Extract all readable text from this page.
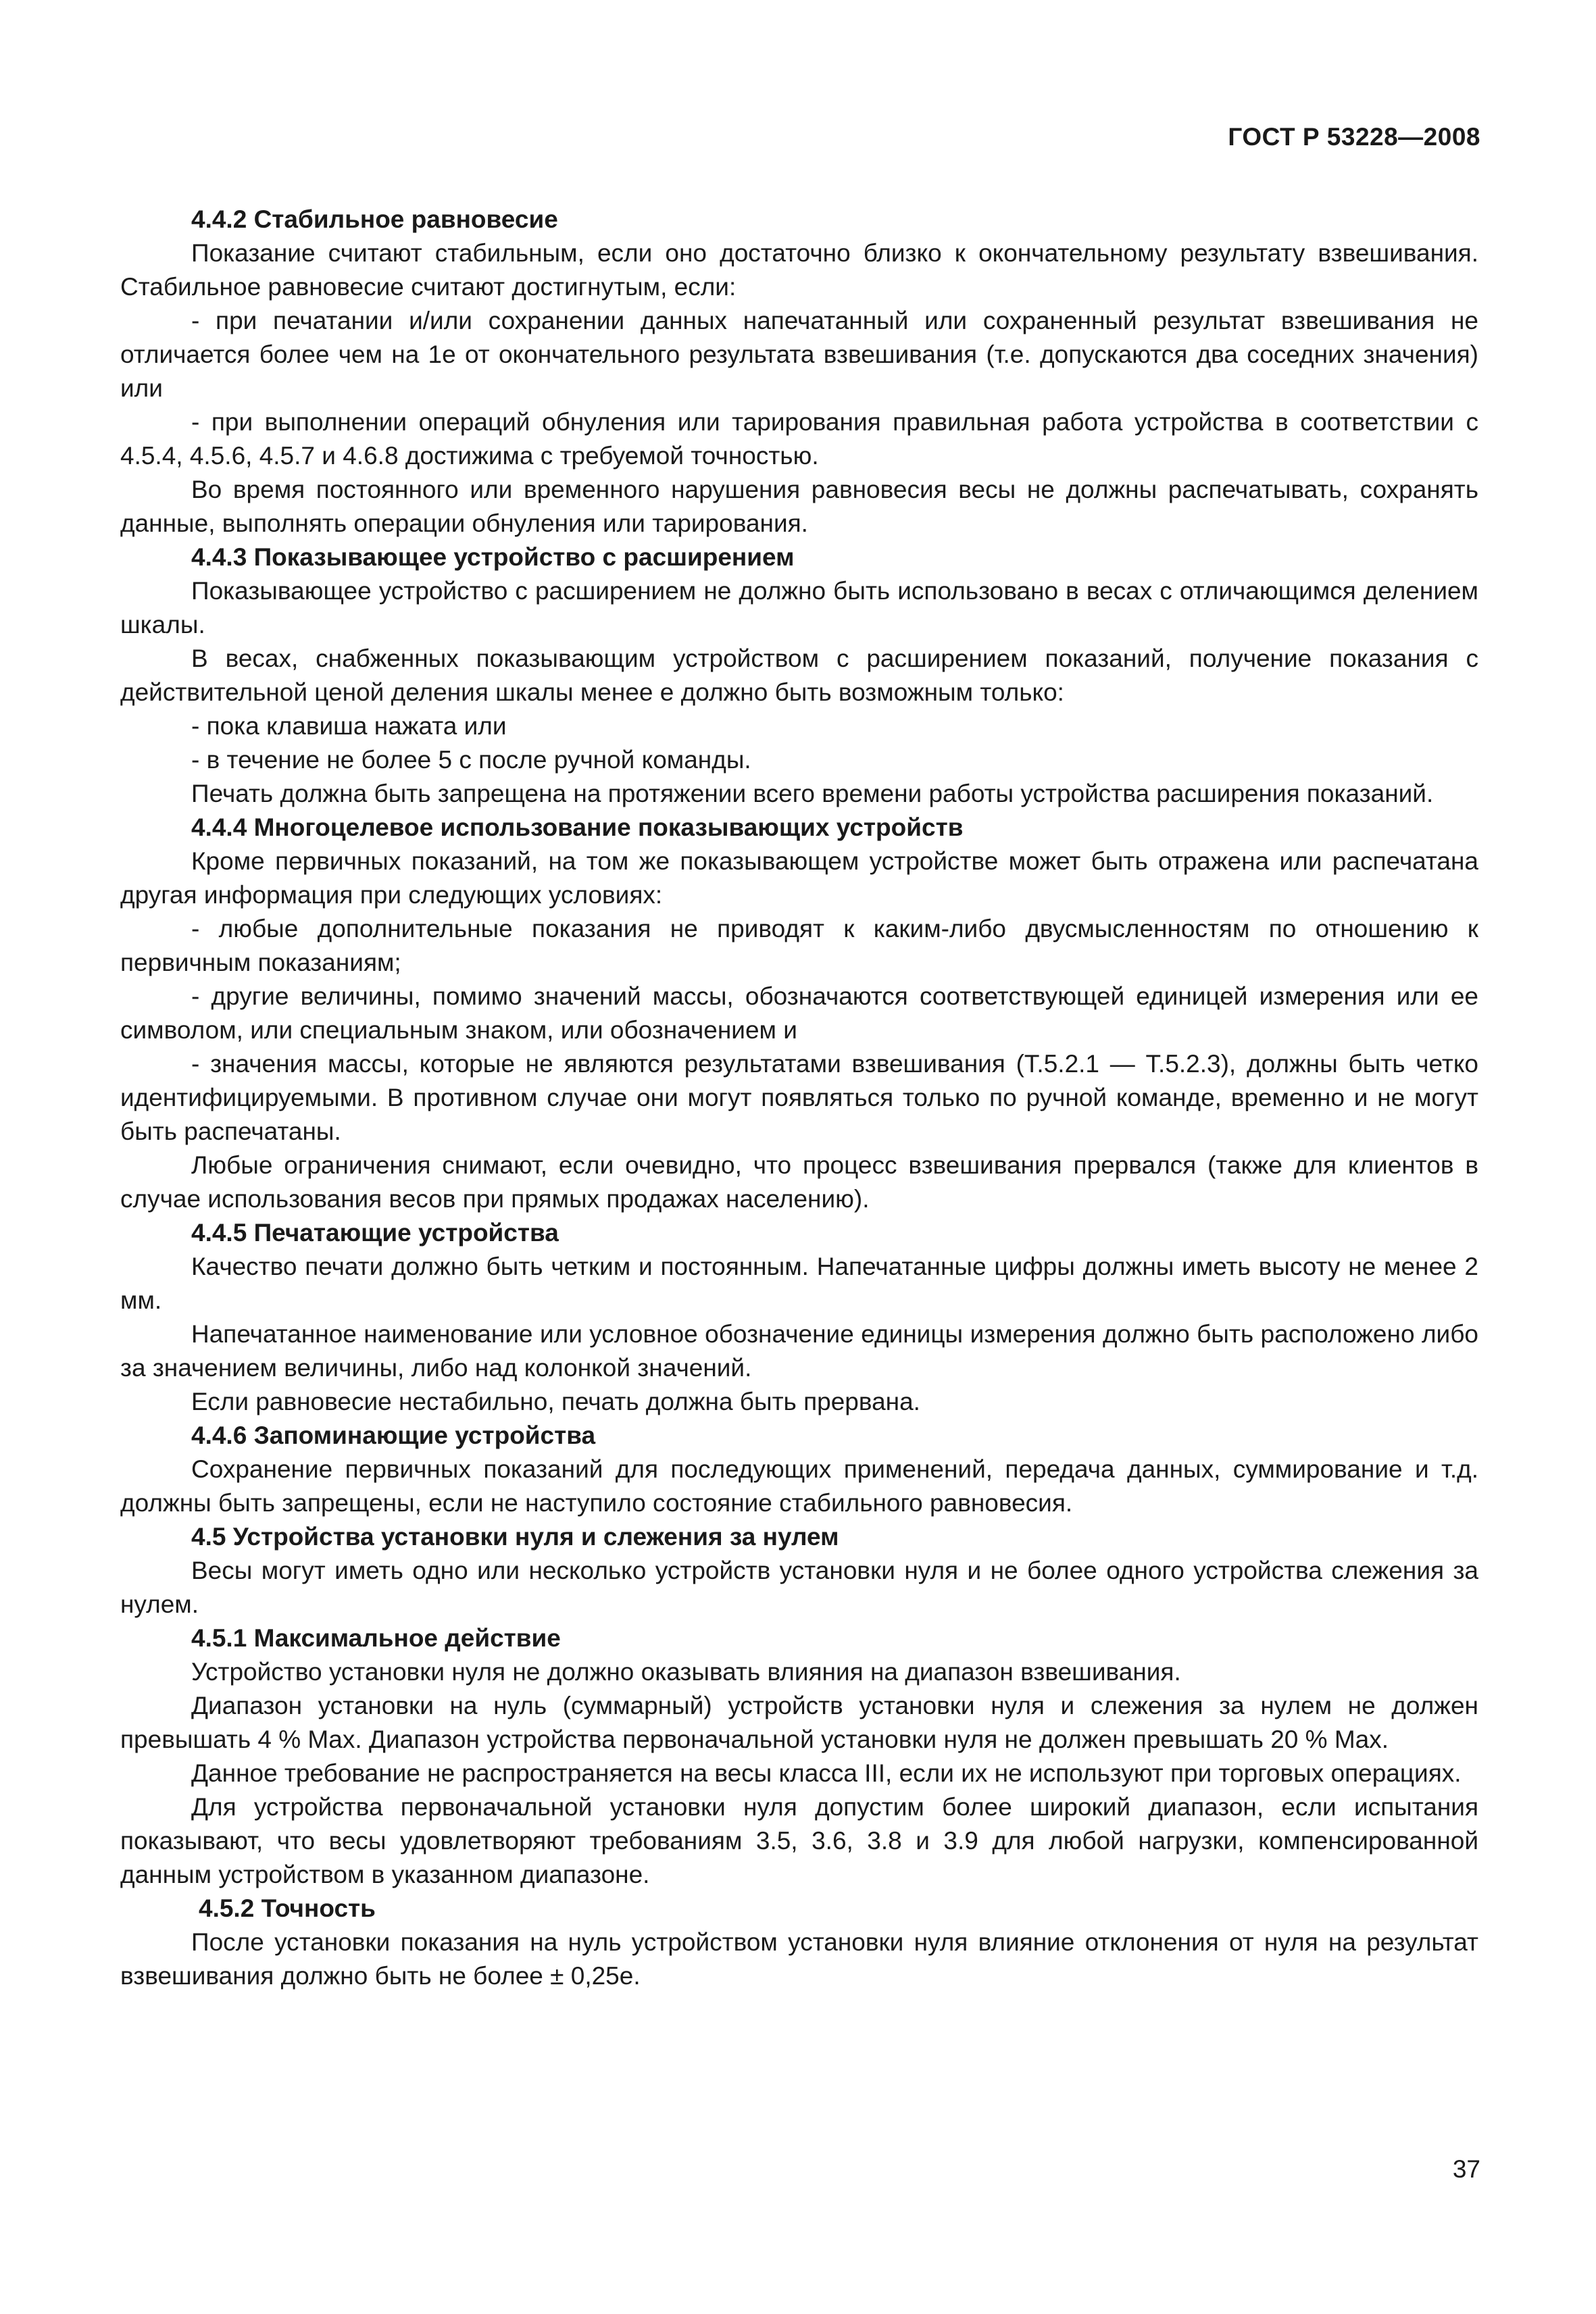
ГОСТ Р 53228—2008

4.4.2 Стабильное равновесие

Показание считают стабильным, если оно достаточно близко к окончательному результату взвешивания. Стабильное равновесие считают достигнутым, если:

- при печатании и/или сохранении данных напечатанный или сохраненный результат взвешивания не отличается более чем на 1e от окончательного результата взвешивания (т.е. допускаются два соседних значения) или

- при выполнении операций обнуления или тарирования правильная работа устройства в соответствии с 4.5.4, 4.5.6, 4.5.7 и 4.6.8 достижима с требуемой точностью.

Во время постоянного или временного нарушения равновесия весы не должны распечатывать, сохранять данные, выполнять операции обнуления или тарирования.

4.4.3 Показывающее устройство с расширением

Показывающее устройство с расширением не должно быть использовано в весах с отличающимся делением шкалы.

В весах, снабженных показывающим устройством с расширением показаний, получение показания с действительной ценой деления шкалы менее e должно быть возможным только:

- пока клавиша нажата или

- в течение не более 5 с после ручной команды.

Печать должна быть запрещена на протяжении всего времени работы устройства расширения показаний.

4.4.4 Многоцелевое использование показывающих устройств

Кроме первичных показаний, на том же показывающем устройстве может быть отражена или распечатана другая информация при следующих условиях:

- любые дополнительные показания не приводят к каким-либо двусмысленностям по отношению к первичным показаниям;

- другие величины, помимо значений массы, обозначаются соответствующей единицей измерения или ее символом, или специальным знаком, или обозначением и

- значения массы, которые не являются результатами взвешивания (Т.5.2.1 — Т.5.2.3), должны быть четко идентифицируемыми. В противном случае они могут появляться только по ручной команде, временно и не могут быть распечатаны.

Любые ограничения снимают, если очевидно, что процесс взвешивания прервался (также для клиентов в случае использования весов при прямых продажах населению).

4.4.5 Печатающие устройства

Качество печати должно быть четким и постоянным. Напечатанные цифры должны иметь высоту не менее 2 мм.

Напечатанное наименование или условное обозначение единицы измерения должно быть расположено либо за значением величины, либо над колонкой значений.

Если равновесие нестабильно, печать должна быть прервана.

4.4.6 Запоминающие устройства

Сохранение первичных показаний для последующих применений, передача данных, суммирование и т.д. должны быть запрещены, если не наступило состояние стабильного равновесия.

4.5 Устройства установки нуля и слежения за нулем

Весы могут иметь одно или несколько устройств установки нуля и не более одного устройства слежения за нулем.

4.5.1 Максимальное действие

Устройство установки нуля не должно оказывать влияния на диапазон взвешивания.

Диапазон установки на нуль (суммарный) устройств установки нуля и слежения за нулем не должен превышать 4 % Max. Диапазон устройства первоначальной установки нуля не должен превышать 20 % Max.

Данное требование не распространяется на весы класса III, если их не используют при торговых операциях.

Для устройства первоначальной установки нуля допустим более широкий диапазон, если испытания показывают, что весы удовлетворяют требованиям 3.5, 3.6, 3.8 и 3.9 для любой нагрузки, компенсированной данным устройством в указанном диапазоне.

4.5.2 Точность

После установки показания на нуль устройством установки нуля влияние отклонения от нуля на результат взвешивания должно быть не более ± 0,25e.

37
